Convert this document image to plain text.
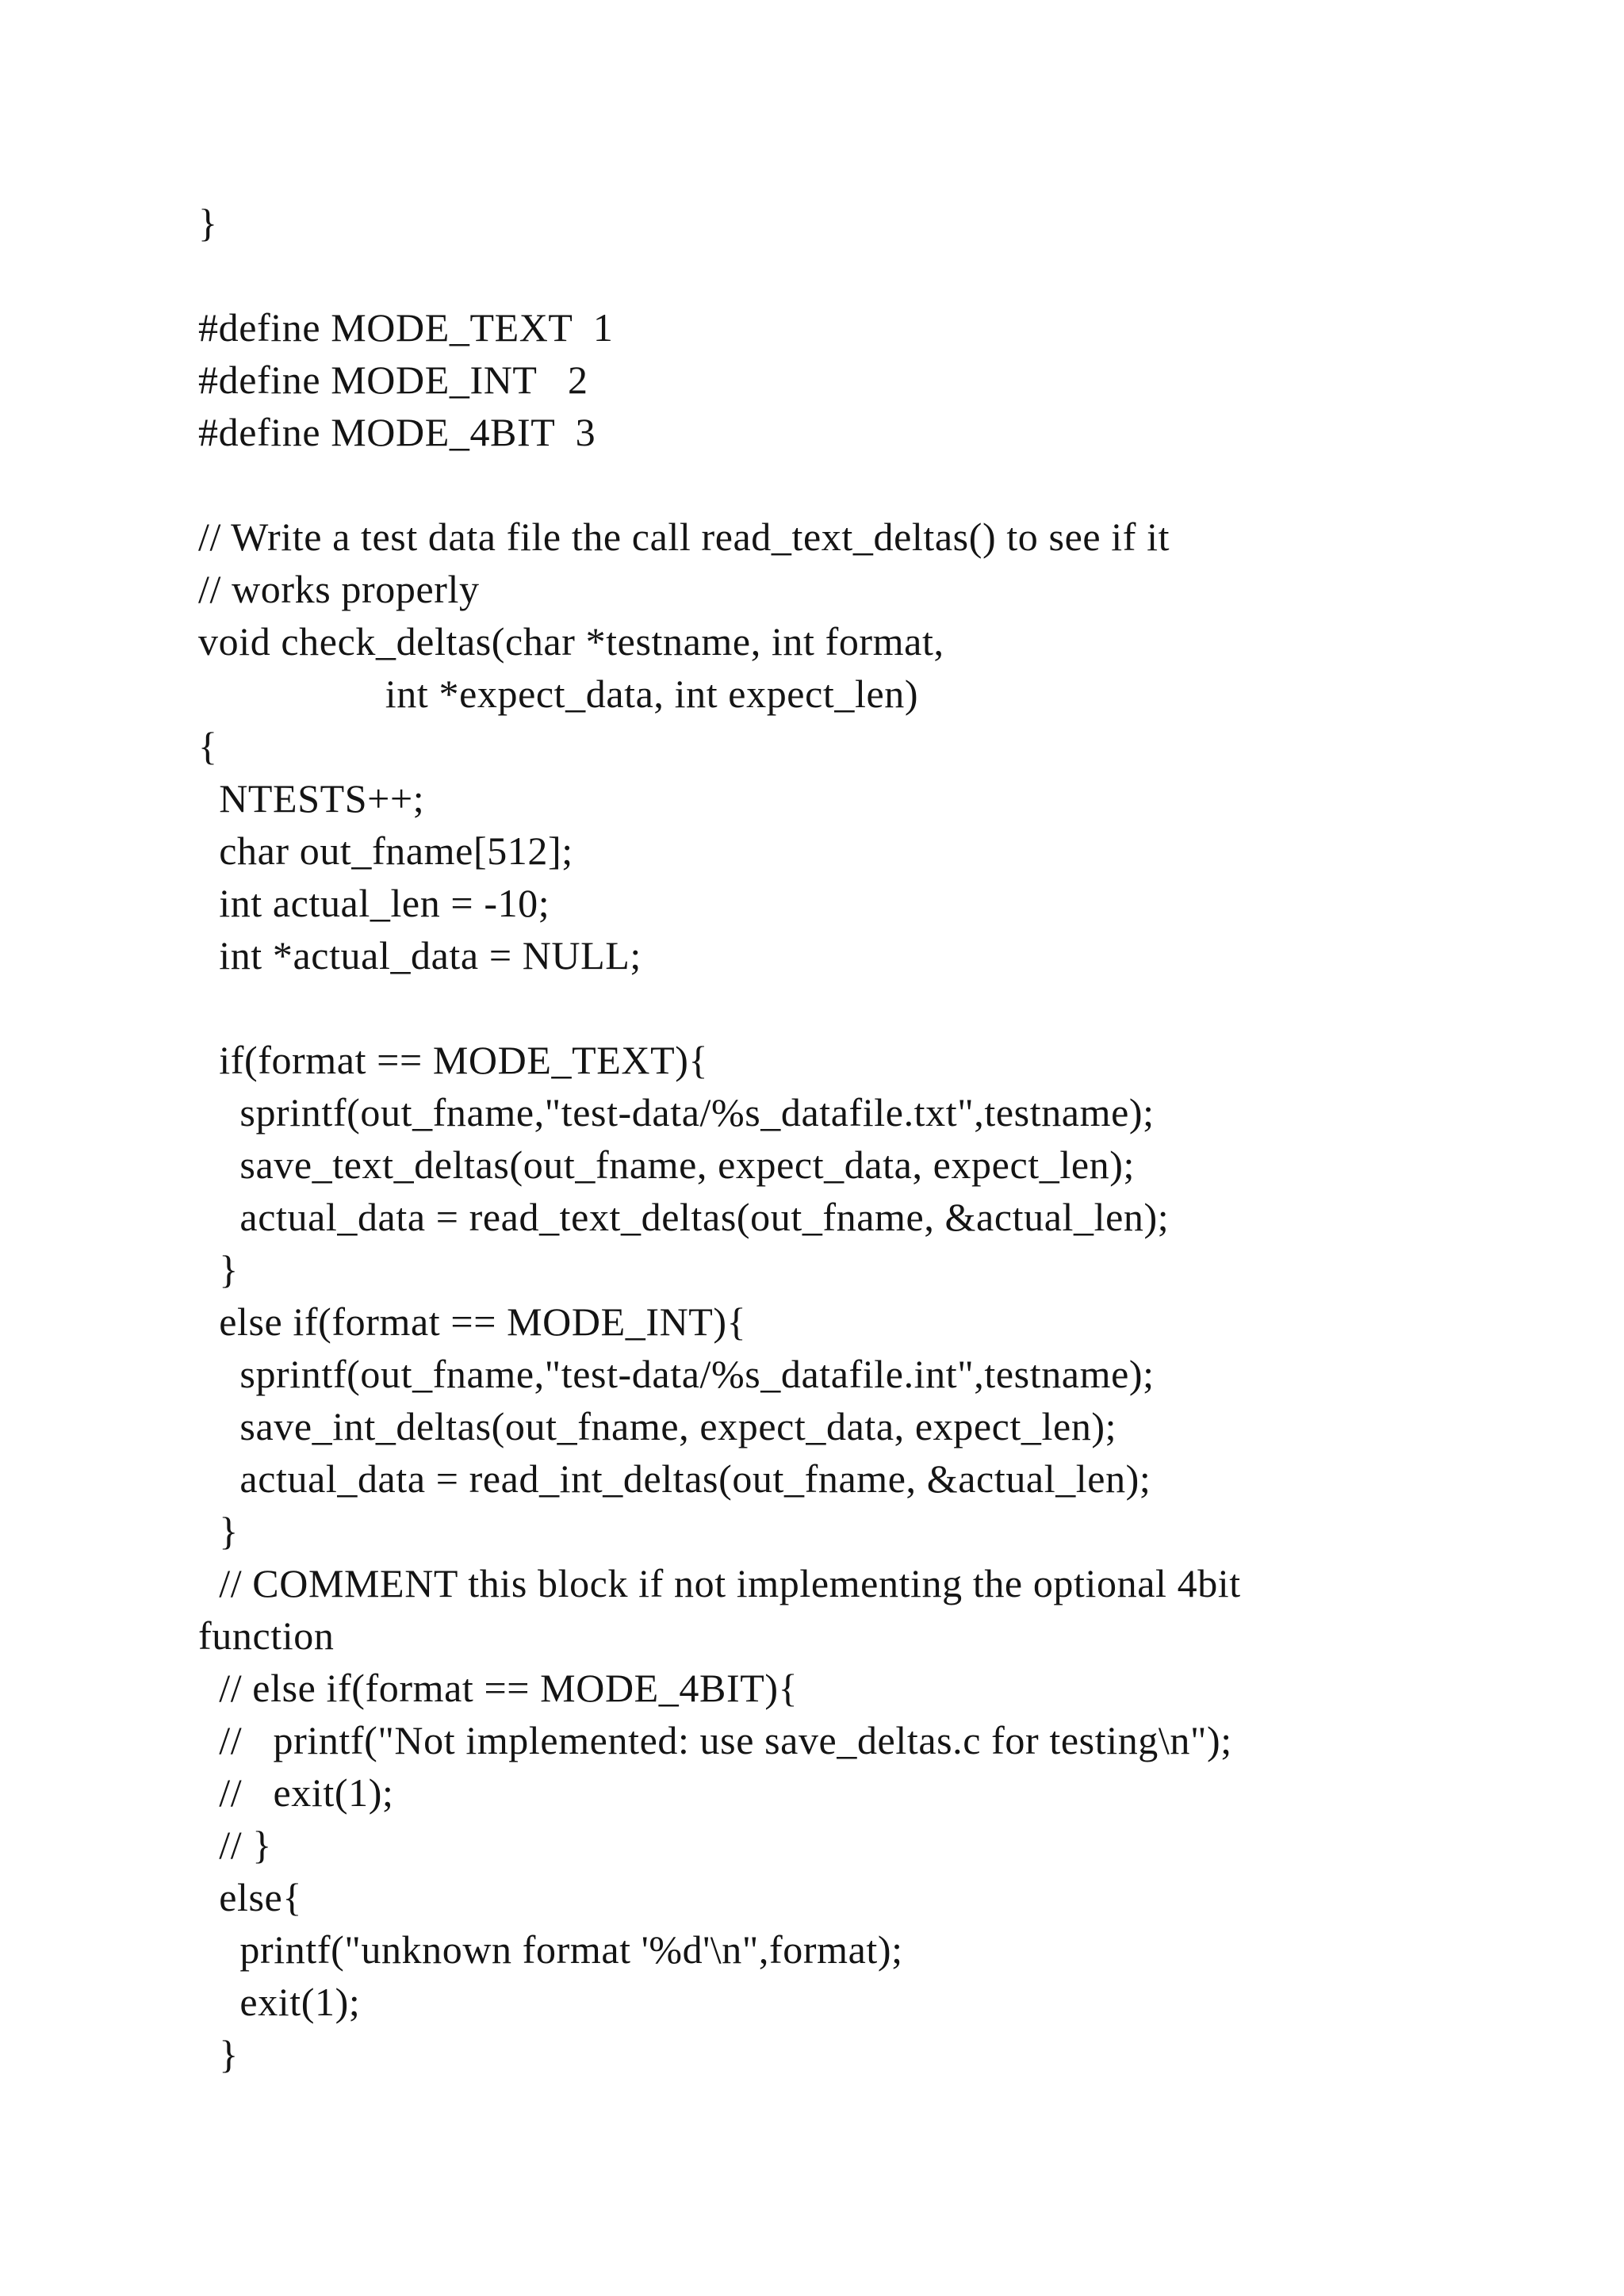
}
#define MODE_TEXT  1
#define MODE_INT   2
#define MODE_4BIT  3
// Write a test data file the call read_text_deltas() to see if it
// works properly
void check_deltas(char *testname, int format,
int *expect_data, int expect_len)
{
NTESTS++;
char out_fname[512];
int actual_len = -10;
int *actual_data = NULL;
if(format == MODE_TEXT){
sprintf(out_fname,"test-data/%s_datafile.txt",testname);
save_text_deltas(out_fname, expect_data, expect_len);
actual_data = read_text_deltas(out_fname, &actual_len);
}
else if(format == MODE_INT){
sprintf(out_fname,"test-data/%s_datafile.int",testname);
save_int_deltas(out_fname, expect_data, expect_len);
actual_data = read_int_deltas(out_fname, &actual_len);
}
// COMMENT this block if not implementing the optional 4bit
function
// else if(format == MODE_4BIT){
//   printf("Not implemented: use save_deltas.c for testing\n");
//   exit(1);
// }
else{
printf("unknown format '%d'\n",format);
exit(1);
}
